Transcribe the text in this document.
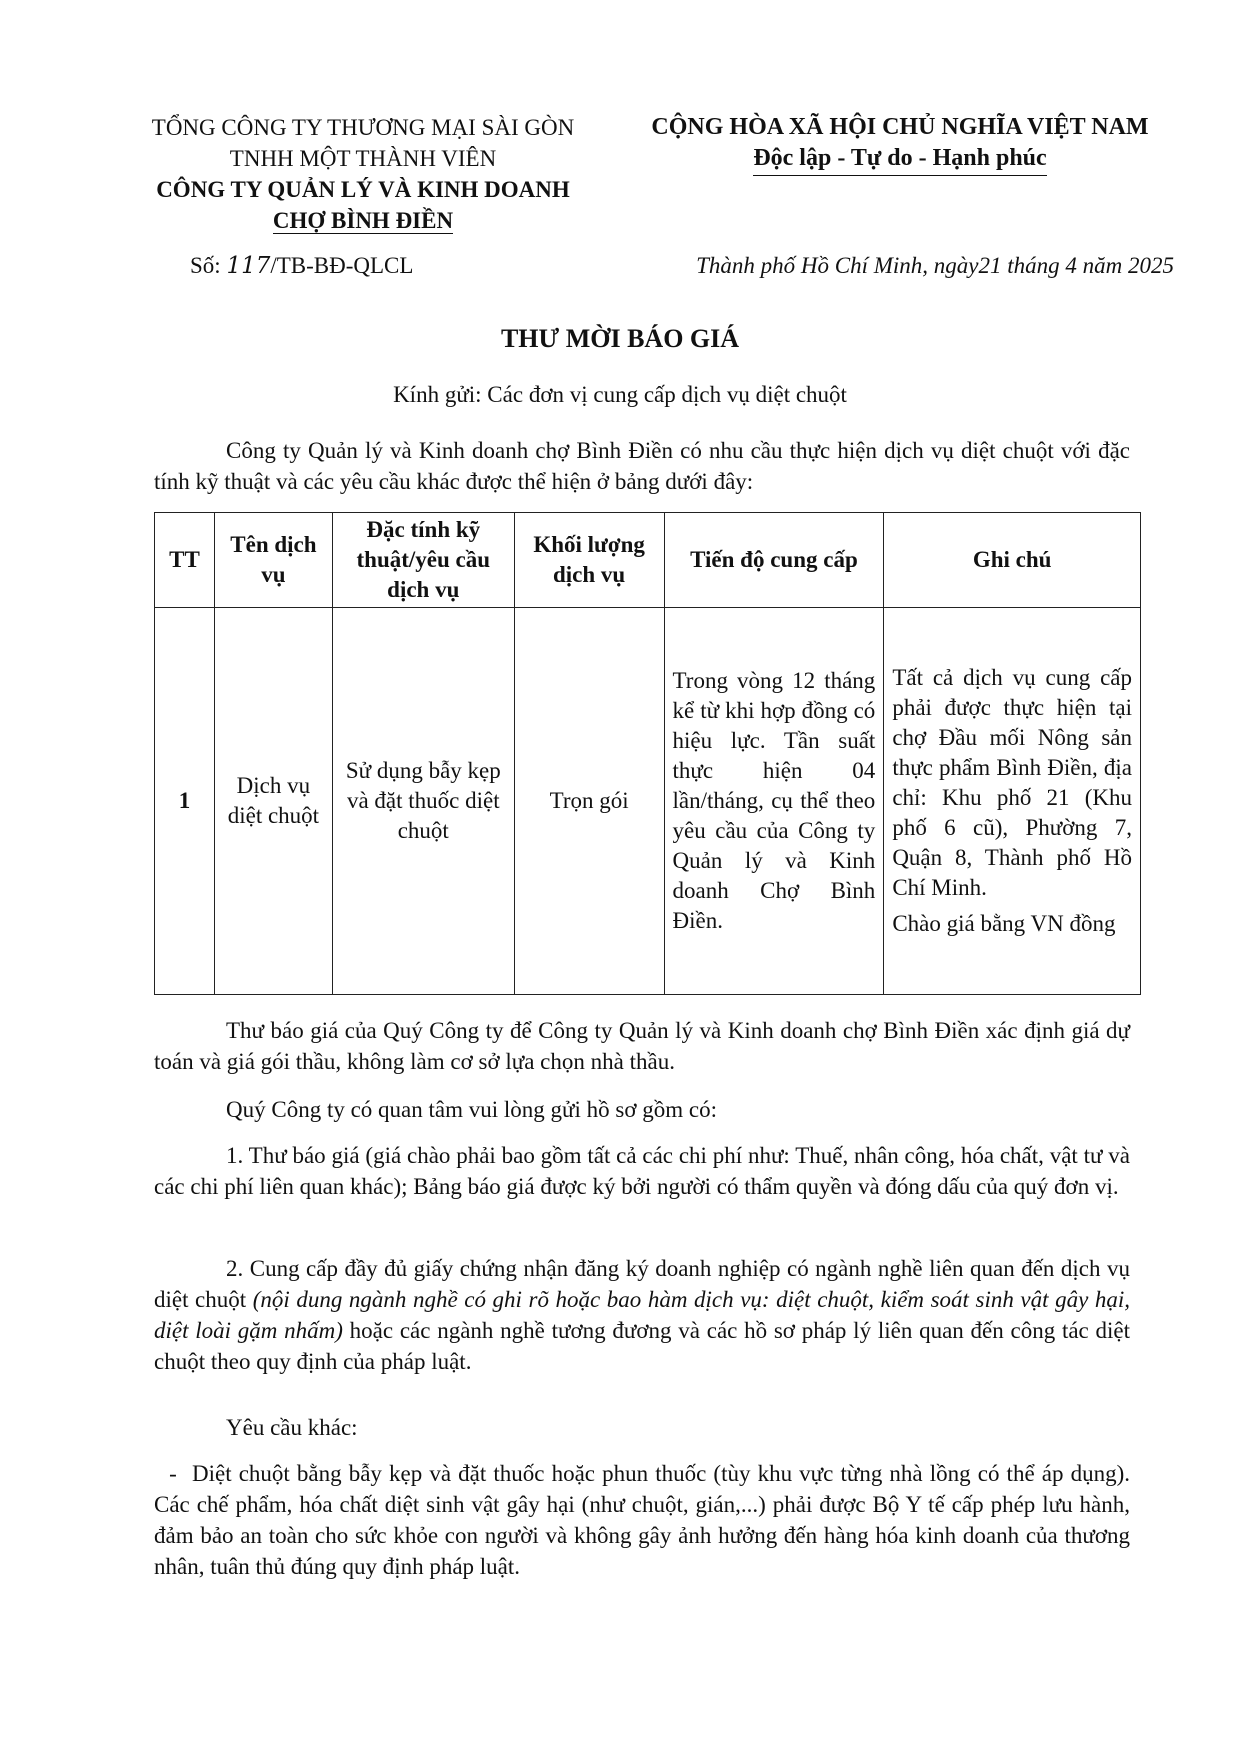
TỔNG CÔNG TY THƯƠNG MẠI SÀI GÒN
TNHH MỘT THÀNH VIÊN
CÔNG TY QUẢN LÝ VÀ KINH DOANH
CHỢ BÌNH ĐIỀN
CỘNG HÒA XÃ HỘI CHỦ NGHĨA VIỆT NAM
Độc lập - Tự do - Hạnh phúc
Số: 117/TB-BĐ-QLCL	Thành phố Hồ Chí Minh, ngày21 tháng 4 năm 2025
THƯ MỜI BÁO GIÁ
Kính gửi: Các đơn vị cung cấp dịch vụ diệt chuột
Công ty Quản lý và Kinh doanh chợ Bình Điền có nhu cầu thực hiện dịch vụ diệt chuột với đặc tính kỹ thuật và các yêu cầu khác được thể hiện ở bảng dưới đây:
TT	Tên dịch vụ	Đặc tính kỹ thuật/yêu cầu dịch vụ	Khối lượng dịch vụ	Tiến độ cung cấp	Ghi chú
1	Dịch vụ diệt chuột	Sử dụng bẫy kẹp và đặt thuốc diệt chuột	Trọn gói	Trong vòng 12 tháng kể từ khi hợp đồng có hiệu lực. Tần suất thực hiện 04 lần/tháng, cụ thể theo yêu cầu của Công ty Quản lý và Kinh doanh Chợ Bình Điền.	Tất cả dịch vụ cung cấp phải được thực hiện tại chợ Đầu mối Nông sản thực phẩm Bình Điền, địa chỉ: Khu phố 21 (Khu phố 6 cũ), Phường 7, Quận 8, Thành phố Hồ Chí Minh.

Chào giá bằng VN đồng

Thư báo giá của Quý Công ty để Công ty Quản lý và Kinh doanh chợ Bình Điền xác định giá dự toán và giá gói thầu, không làm cơ sở lựa chọn nhà thầu.
Quý Công ty có quan tâm vui lòng gửi hồ sơ gồm có:
1. Thư báo giá (giá chào phải bao gồm tất cả các chi phí như: Thuế, nhân công, hóa chất, vật tư và các chi phí liên quan khác); Bảng báo giá được ký bởi người có thẩm quyền và đóng dấu của quý đơn vị.
2. Cung cấp đầy đủ giấy chứng nhận đăng ký doanh nghiệp có ngành nghề liên quan đến dịch vụ diệt chuột (nội dung ngành nghề có ghi rõ hoặc bao hàm dịch vụ: diệt chuột, kiểm soát sinh vật gây hại, diệt loài gặm nhấm) hoặc các ngành nghề tương đương và các hồ sơ pháp lý liên quan đến công tác diệt chuột theo quy định của pháp luật.
Yêu cầu khác:
- Diệt chuột bằng bẫy kẹp và đặt thuốc hoặc phun thuốc (tùy khu vực từng nhà lồng có thể áp dụng). Các chế phẩm, hóa chất diệt sinh vật gây hại (như chuột, gián,...) phải được Bộ Y tế cấp phép lưu hành, đảm bảo an toàn cho sức khỏe con người và không gây ảnh hưởng đến hàng hóa kinh doanh của thương nhân, tuân thủ đúng quy định pháp luật.
